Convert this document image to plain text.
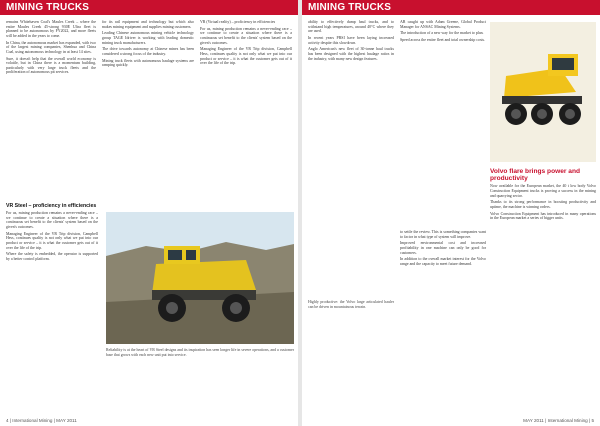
MINING TRUCKS

remains Whitehaven Coal's Maules Creek – where the entire Maules Creek 45-strong 930E Ultra fleet is planned to be autonomous by FY2022, and more fleets will be added in the years to come.

In China, the autonomous market has expanded, with two of the largest mining companies, Shenhua and China Coal, using autonomous technology in at least 14 sites.

Sure, it doesn't help that the overall world economy is volatile, but in China there is a momentum building, particularly with very large truck fleets and the proliferation of autonomous pit services.

for its rail equipment and technology but which also makes mining equipment and supplies mining customers.

Leading Chinese autonomous mining vehicle technology group TAGE Idriver is working with leading domestic mining truck manufacturers.

The drive towards autonomy at Chinese mines has been considered a strong focus of the industry.

Mining truck fleets with autonomous haulage systems are ramping quickly.

VR (Virtual reality) – proficiency in efficiencies

For us, mining production remains a never-ending race – we continue to create a situation where there is a continuous set benefit to the clients' system based on the given's outcomes.

Managing Engineer of the VR Trip division, Campbell Hess, continues quality is not only what we put into our product or service – it is what the customer gets out of it over the life of the trip.

VR Steel – proficiency in efficiencies

For us, mining production remains a never-ending race – we continue to create a situation where there is a continuous set benefit to the clients' system based on the given's outcomes.

Managing Engineer of the VR Trip division, Campbell Hess, continues quality is not only what we put into our product or service – it is what the customer gets out of it over the life of the trip.

Where the safety is embedded, the operator is supported by a better control platform.

Reliability is at the heart of VR Steel designs and its inspiration has seen longer life in severe operations, and a customer base that grows with each new unit put into service.
4 | International Mining | MAY 2011
MINING TRUCKS

ability to effectively dump haul trucks, and to withstand high temperatures, around 40°C where they are used.

In recent years PRSI have been laying increased activity despite this slowdown.

Anglo American's new fleet of 30-tonne haul trucks has been designed with the highest haulage ratios in the industry, with many new design features.

AB caught up with Adam Greene, Global Product Manager for ANSAC Mining Systems.

The introduction of a new way for the market to plan.

Speed across the entire fleet and total ownership costs.

Volvo flare brings power and productivity

Now available for the European market, the 40 t low body Volvo Construction Equipment trucks is proving a success in the mining and quarrying sector.

Thanks to its strong performance in boosting productivity and uptime, the machine is winning orders.

Volvo Construction Equipment has introduced in many operations in the European market a series of bigger units.

to settle the review. This is something companies want to factor in what type of system will improve.

Improved environmental cost and increased profitability in one machine can only be good for customers.

In addition to the overall market interest for the Volvo range and the capacity to meet future demand.

Highly productive: the Volvo large articulated hauler can be driven in mountainous terrain.
MAY 2011 | International Mining | 5
